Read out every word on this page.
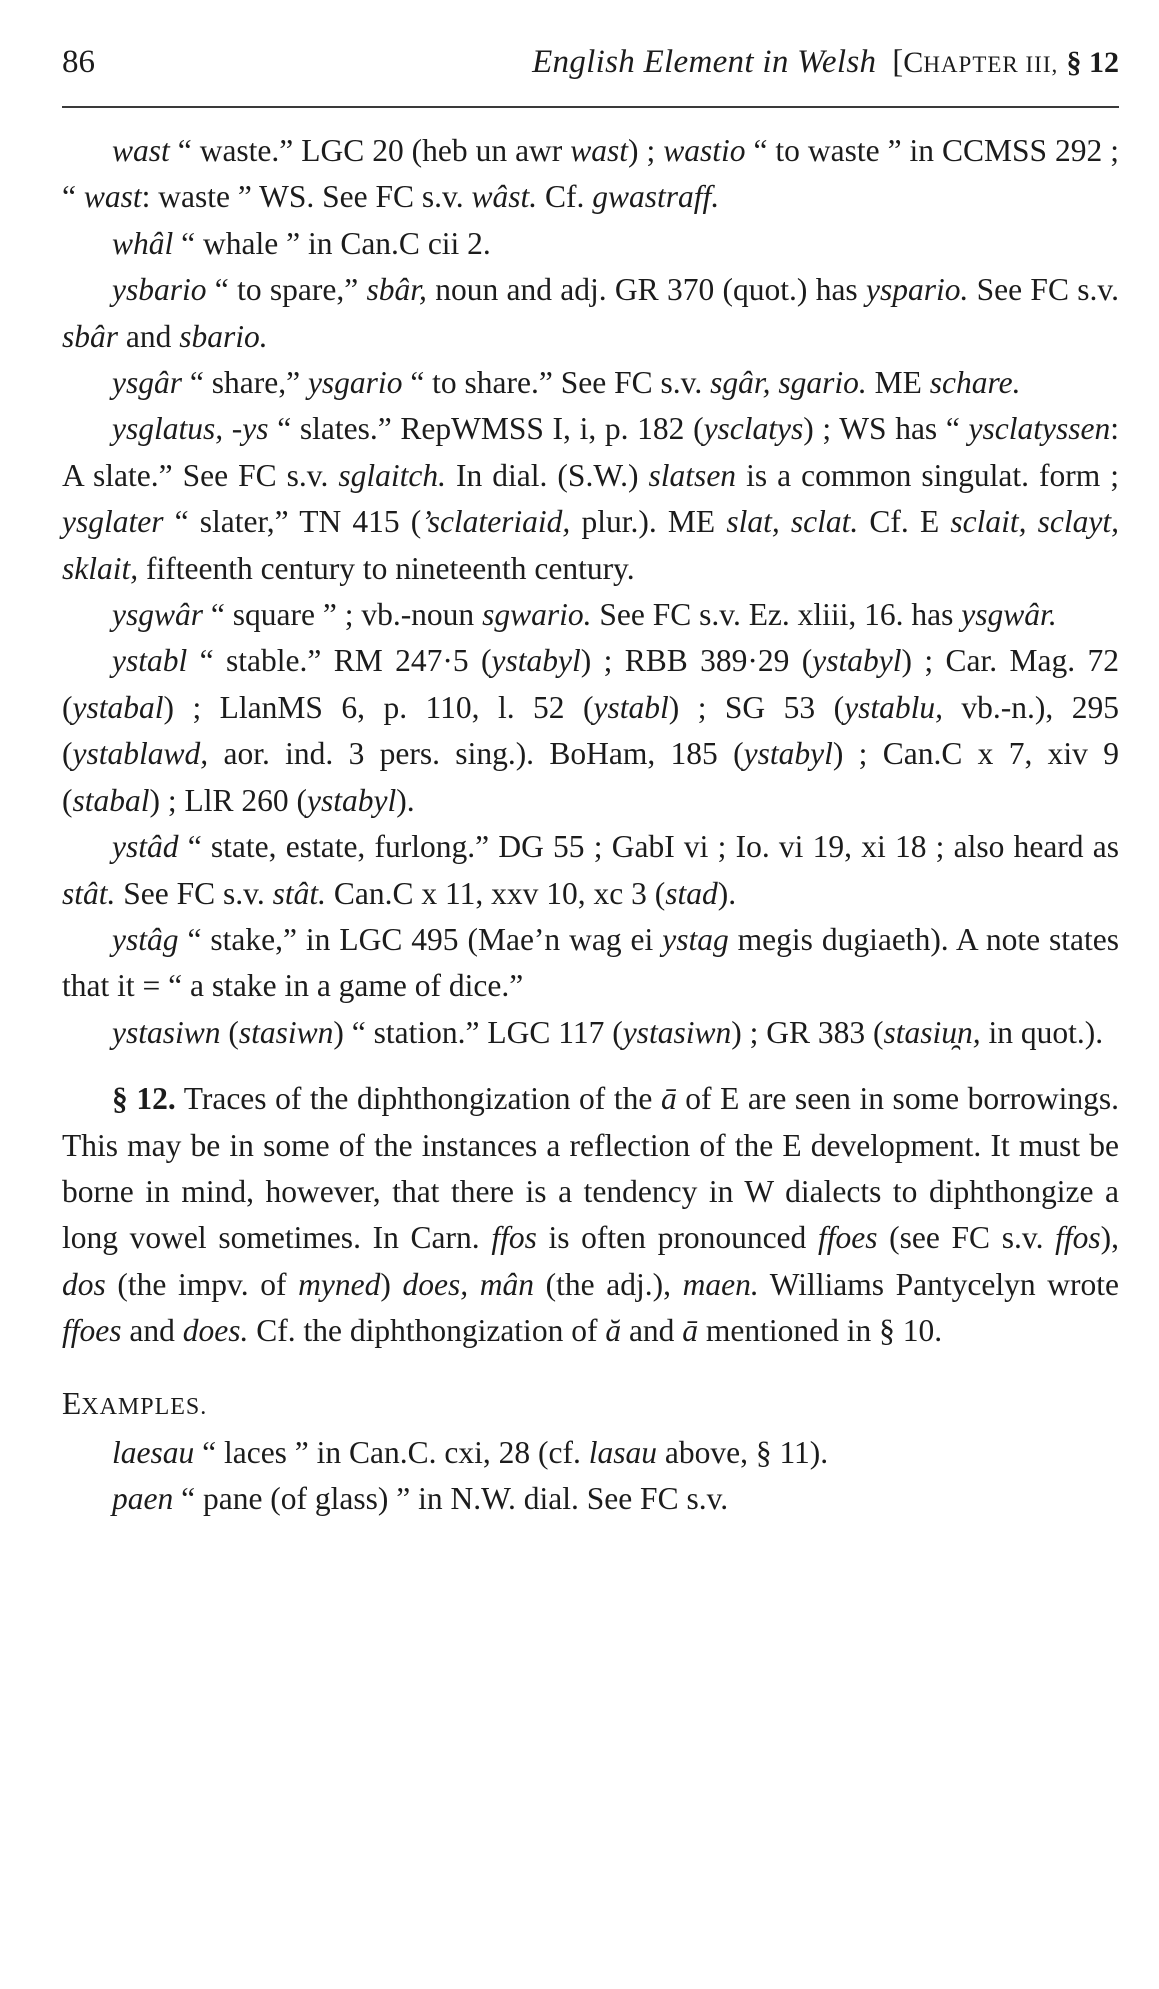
86	English Element in Welsh [CHAPTER III, § 12

wast “ waste.” LGC 20 (heb un awr wast) ; wastio “ to waste ” in CCMSS 292 ; “ wast: waste ” WS. See FC s.v. wâst. Cf. gwastraff.

whâl “ whale ” in Can.C cii 2.

ysbario “ to spare,” sbâr, noun and adj. GR 370 (quot.) has yspario. See FC s.v. sbâr and sbario.

ysgâr “ share,” ysgario “ to share.” See FC s.v. sgâr, sgario. ME schare.

ysglatus, -ys “ slates.” RepWMSS I, i, p. 182 (ysclatys) ; WS has “ ysclatyssen: A slate.” See FC s.v. sglaitch. In dial. (S.W.) slatsen is a common singulat. form ; ysglater “ slater,” TN 415 (’sclateriaid, plur.). ME slat, sclat. Cf. E sclait, sclayt, sklait, fifteenth century to nineteenth century.

ysgwâr “ square ” ; vb.-noun sgwario. See FC s.v. Ez. xliii, 16. has ysgwâr.

ystabl “ stable.” RM 247·5 (ystabyl) ; RBB 389·29 (ystabyl) ; Car. Mag. 72 (ystabal) ; LlanMS 6, p. 110, l. 52 (ystabl) ; SG 53 (ystablu, vb.-n.), 295 (ystablawd, aor. ind. 3 pers. sing.). BoHam, 185 (ystabyl) ; Can.C x 7, xiv 9 (stabal) ; LlR 260 (ystabyl).

ystâd “ state, estate, furlong.” DG 55 ; GabI vi ; Io. vi 19, xi 18 ; also heard as stât. See FC s.v. stât. Can.C x 11, xxv 10, xc 3 (stad).

ystâg “ stake,” in LGC 495 (Mae’n wag ei ystag megis dugiaeth). A note states that it = “ a stake in a game of dice.”

ystasiwn (stasiwn) “ station.” LGC 117 (ystasiwn) ; GR 383 (stasiu̯n, in quot.).

§ 12. Traces of the diphthongization of the ā of E are seen in some borrowings. This may be in some of the instances a reflection of the E development. It must be borne in mind, however, that there is a tendency in W dialects to diphthongize a long vowel sometimes. In Carn. ffos is often pronounced ffoes (see FC s.v. ffos), dos (the impv. of myned) does, mân (the adj.), maen. Williams Pantycelyn wrote ffoes and does. Cf. the diphthongization of ă and ā mentioned in § 10.

EXAMPLES.

laesau “ laces ” in Can.C. cxi, 28 (cf. lasau above, § 11).

paen “ pane (of glass) ” in N.W. dial. See FC s.v.
